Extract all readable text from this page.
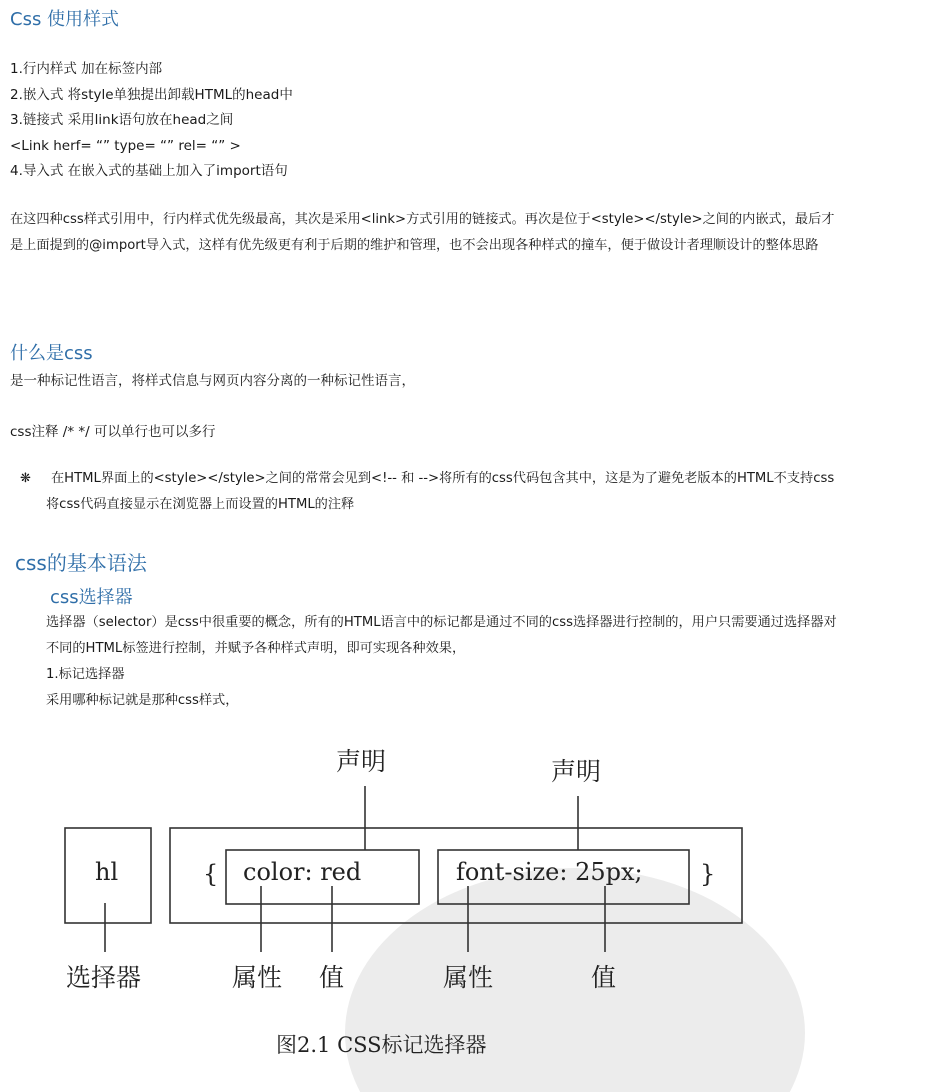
Css 使用样式
1.行内样式 加在标签内部
2.嵌入式 将style单独提出卸载HTML的head中
3.链接式 采用link语句放在head之间
<Link herf= “” type= “” rel= “” >
4.导入式 在嵌入式的基础上加入了import语句
在这四种css样式引用中，行内样式优先级最高，其次是采用<link>方式引用的链接式。再次是位于<style></style>之间的内嵌式，最后才
是上面提到的@import导入式，这样有优先级更有利于后期的维护和管理，也不会出现各种样式的撞车，便于做设计者理顺设计的整体思路
什么是css
是一种标记性语言，将样式信息与网页内容分离的一种标记性语言，
css注释 /* */ 可以单行也可以多行
❋	在HTML界面上的<style></style>之间的常常会见到<!-- 和 -->将所有的css代码包含其中，这是为了避免老版本的HTML不支持css
将css代码直接显示在浏览器上而设置的HTML的注释
css的基本语法
css选择器
选择器（selector）是css中很重要的概念，所有的HTML语言中的标记都是通过不同的css选择器进行控制的，用户只需要通过选择器对
不同的HTML标签进行控制，并赋予各种样式声明，即可实现各种效果，
1.标记选择器
采用哪种标记就是那种css样式，
声明	声明
hl	{ color: red	font-size: 25px; }
选择器	属性 值	属性	值
图2.1 CSS标记选择器
